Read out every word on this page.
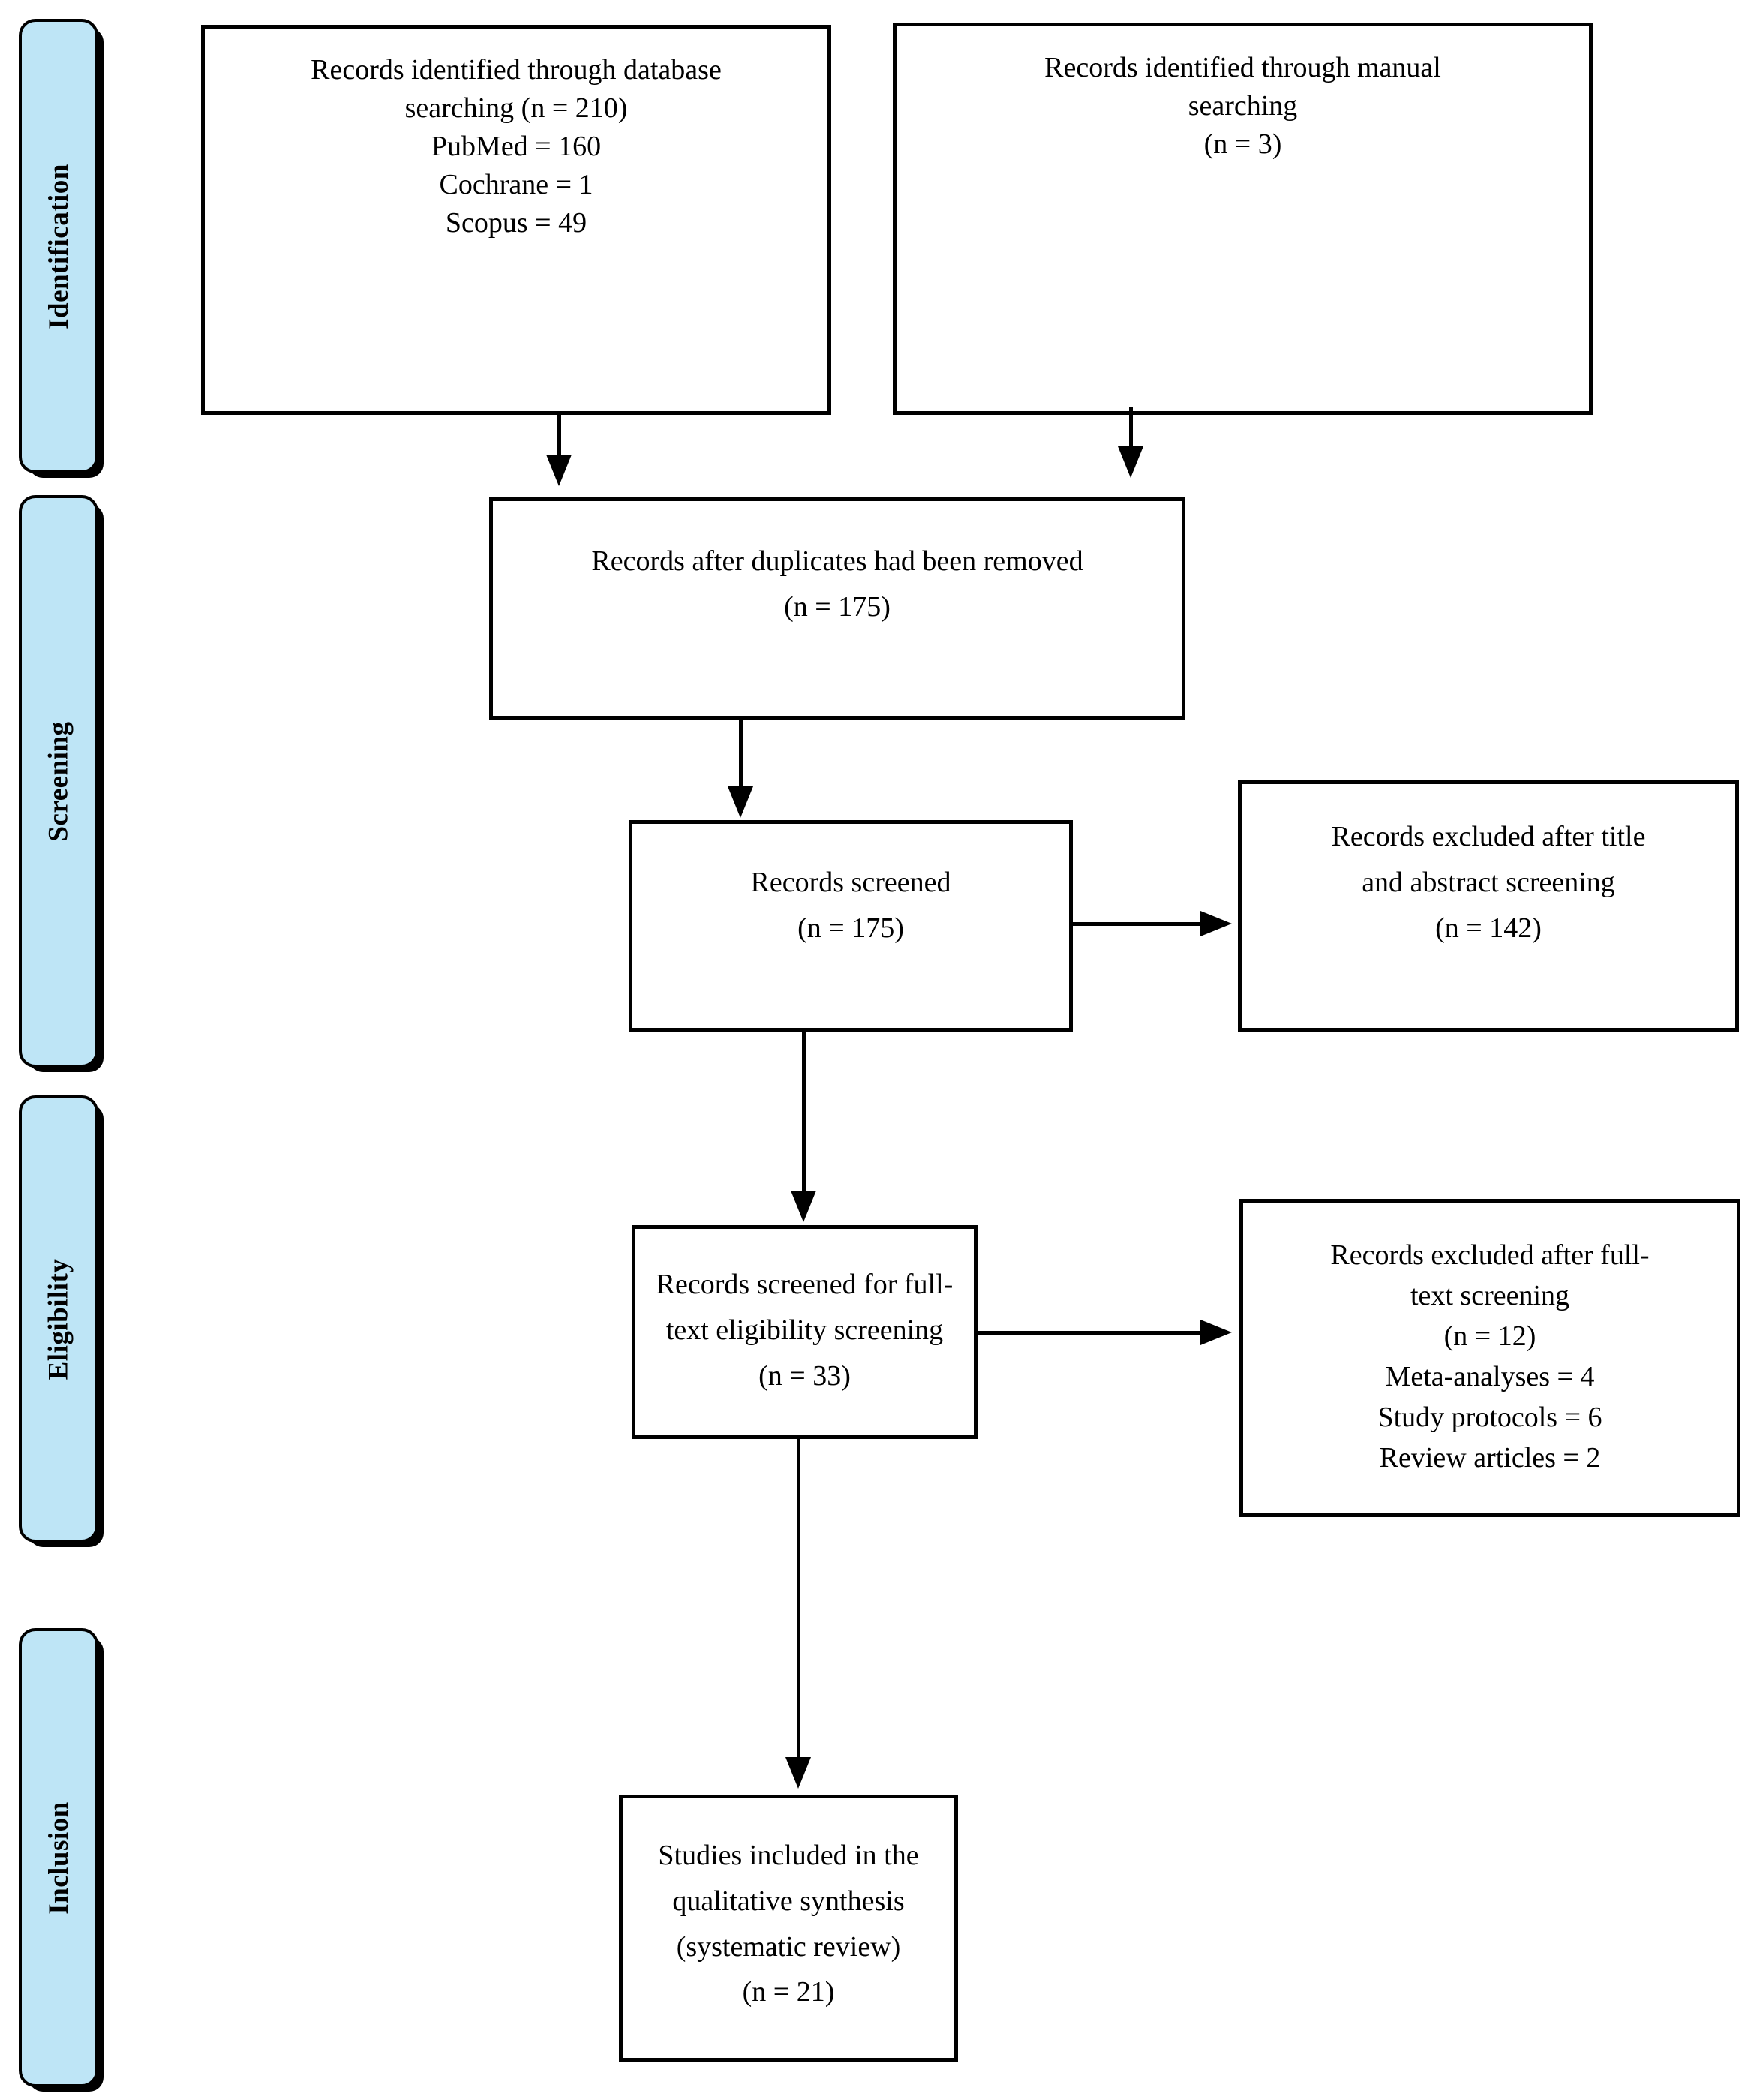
Identification
Screening
Eligibility
Inclusion
Records identified through database
searching (n = 210)
PubMed = 160
Cochrane = 1
Scopus = 49
Records identified through manual
searching
(n = 3)
Records after duplicates had been removed
(n = 175)
Records screened
(n = 175)
Records excluded after title
and abstract screening
(n = 142)
Records screened for full-
text eligibility screening
(n = 33)
Records excluded after full-
text screening
(n = 12)
Meta-analyses = 4
Study protocols = 6
Review articles = 2
Studies included in the
qualitative synthesis
(systematic review)
(n = 21)
